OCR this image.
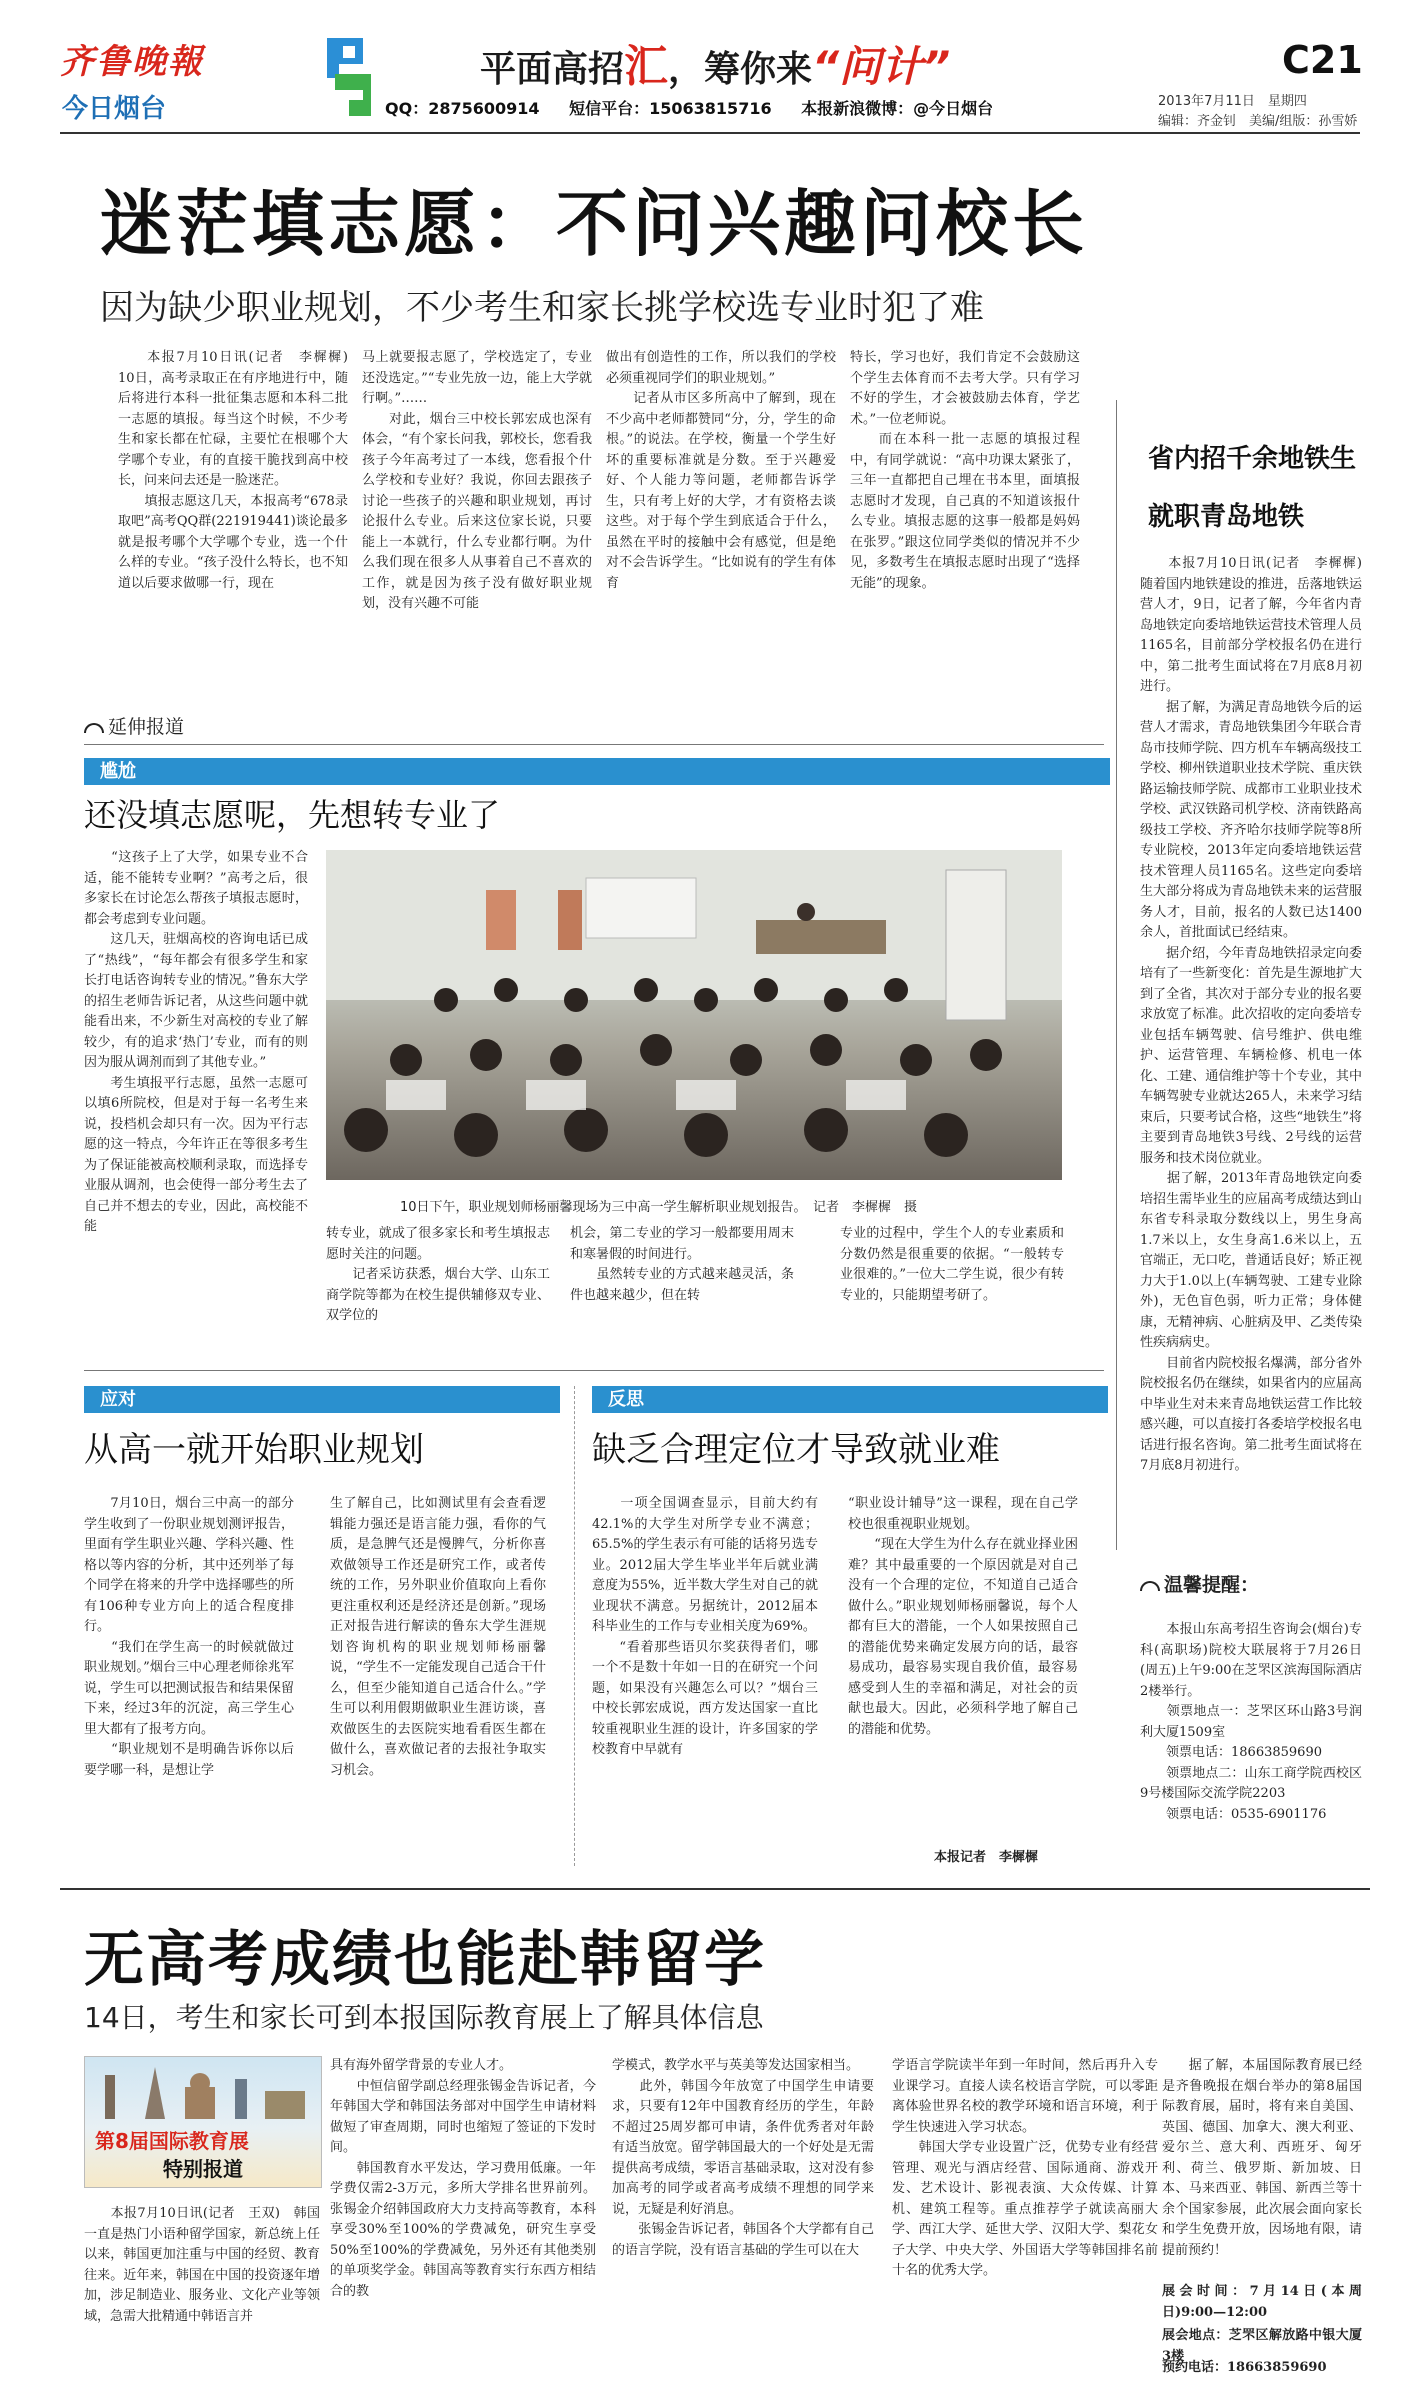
齐鲁晚報
今日烟台
平面高招汇，筹你来“问计”
QQ：2875600914 短信平台：15063815716 本报新浪微博：@今日烟台
C21
2013年7月11日　星期四
编辑：齐金钊　美编/组版：孙雪娇
迷茫填志愿：不问兴趣问校长
因为缺少职业规划，不少考生和家长挑学校选专业时犯了难
　　本报7月10日讯(记者　李樨樨)　10日，高考录取正在有序地进行中，随后将进行本科一批征集志愿和本科二批一志愿的填报。每当这个时候，不少考生和家长都在忙碌，主要忙在根哪个大学哪个专业，有的直接干脆找到高中校长，问来问去还是一脸迷茫。
　　填报志愿这几天，本报高考“678录取吧”高考QQ群(221919441)谈论最多就是报考哪个大学哪个专业，选一个什么样的专业。“孩子没什么特长，也不知道以后要求做哪一行，现在
马上就要报志愿了，学校选定了，专业还没选定。”“专业先放一边，能上大学就行啊。”……
　　对此，烟台三中校长郭宏成也深有体会，“有个家长问我，郭校长，您看我孩子今年高考过了一本线，您看报个什么学校和专业好？我说，你回去跟孩子讨论一些孩子的兴趣和职业规划，再讨论报什么专业。后来这位家长说，只要能上一本就行，什么专业都行啊。为什么我们现在很多人从事着自己不喜欢的工作，就是因为孩子没有做好职业规划，没有兴趣不可能
做出有创造性的工作，所以我们的学校必须重视同学们的职业规划。”
　　记者从市区多所高中了解到，现在不少高中老师都赞同“分，分，学生的命根。”的说法。在学校，衡量一个学生好坏的重要标准就是分数。至于兴趣爱好、个人能力等问题，老师都告诉学生，只有考上好的大学，才有资格去谈这些。对于每个学生到底适合于什么，虽然在平时的接触中会有感觉，但是绝对不会告诉学生。“比如说有的学生有体育
特长，学习也好，我们肯定不会鼓励这个学生去体育而不去考大学。只有学习不好的学生，才会被鼓励去体育，学艺术。”一位老师说。
　　而在本科一批一志愿的填报过程中，有同学就说：“高中功课太紧张了，三年一直都把自己埋在书本里，面填报志愿时才发现，自己真的不知道该报什么专业。填报志愿的这事一般都是妈妈在张罗。”跟这位同学类似的情况并不少见，多数考生在填报志愿时出现了“选择无能”的现象。
延伸报道
尴尬
还没填志愿呢，先想转专业了
　　“这孩子上了大学，如果专业不合适，能不能转专业啊？”高考之后，很多家长在讨论怎么帮孩子填报志愿时，都会考虑到专业问题。
　　这几天，驻烟高校的咨询电话已成了“热线”，“每年都会有很多学生和家长打电话咨询转专业的情况。”鲁东大学的招生老师告诉记者，从这些问题中就能看出来，不少新生对高校的专业了解较少，有的追求‘热门’专业，而有的则因为服从调剂而到了其他专业。”
　　考生填报平行志愿，虽然一志愿可以填6所院校，但是对于每一名考生来说，投档机会却只有一次。因为平行志愿的这一特点，今年许正在等很多考生为了保证能被高校顺利录取，而选择专业服从调剂，也会使得一部分考生去了自己并不想去的专业，因此，高校能不能
10日下午，职业规划师杨丽馨现场为三中高一学生解析职业规划报告。　记者　李樨樨　摄
转专业，就成了很多家长和考生填报志愿时关注的问题。
　　记者采访获悉，烟台大学、山东工商学院等都为在校生提供辅修双专业、双学位的
机会，第二专业的学习一般都要用周末和寒暑假的时间进行。
　　虽然转专业的方式越来越灵活，条件也越来越少，但在转
专业的过程中，学生个人的专业素质和分数仍然是很重要的依据。“一般转专业很难的。”一位大二学生说，很少有转专业的，只能期望考研了。
应对
从高一就开始职业规划
　　7月10日，烟台三中高一的部分学生收到了一份职业规划测评报告，里面有学生职业兴趣、学科兴趣、性格以等内容的分析，其中还列举了每个同学在将来的升学中选择哪些的所有106种专业方向上的适合程度排行。
　　“我们在学生高一的时候就做过职业规划。”烟台三中心理老师徐兆军说，学生可以把测试报告和结果保留下来，经过3年的沉淀，高三学生心里大都有了报考方向。
　　“职业规划不是明确告诉你以后要学哪一科，是想让学
生了解自己，比如测试里有会查看逻辑能力强还是语言能力强，看你的气质，是急脾气还是慢脾气，分析你喜欢做领导工作还是研究工作，或者传统的工作，另外职业价值取向上看你更注重权利还是经济还是创新。”现场正对报告进行解读的鲁东大学生涯规划咨询机构的职业规划师杨丽馨说，“学生不一定能发现自己适合干什么，但至少能知道自己适合什么。”学生可以利用假期做职业生涯访谈，喜欢做医生的去医院实地看看医生都在做什么，喜欢做记者的去报社争取实习机会。
反思
缺乏合理定位才导致就业难
　　一项全国调查显示，目前大约有42.1%的大学生对所学专业不满意；65.5%的学生表示有可能的话将另选专业。2012届大学生毕业半年后就业满意度为55%，近半数大学生对自己的就业现状不满意。另据统计，2012届本科毕业生的工作与专业相关度为69%。
　　“看着那些语贝尔奖获得者们，哪一个不是数十年如一日的在研究一个问题，如果没有兴趣怎么可以？”烟台三中校长郭宏成说，西方发达国家一直比较重视职业生涯的设计，许多国家的学校教育中早就有
“职业设计辅导”这一课程，现在自己学校也很重视职业规划。
　　“现在大学生为什么存在就业择业困难？其中最重要的一个原因就是对自己没有一个合理的定位，不知道自己适合做什么。”职业规划师杨丽馨说，每个人都有巨大的潜能，一个人如果按照自己的潜能优势来确定发展方向的话，最容易成功，最容易实现自我价值，最容易感受到人生的幸福和满足，对社会的贡献也最大。因此，必须科学地了解自己的潜能和优势。
本报记者　李樨樨
省内招千余地铁生
就职青岛地铁
　　本报7月10日讯(记者　李樨樨)　随着国内地铁建设的推进，岳落地铁运营人才，9日，记者了解，今年省内青岛地铁定向委培地铁运营技术管理人员1165名，目前部分学校报名仍在进行中，第二批考生面试将在7月底8月初进行。
　　据了解，为满足青岛地铁今后的运营人才需求，青岛地铁集团今年联合青岛市技师学院、四方机车车辆高级技工学校、柳州铁道职业技术学院、重庆铁路运输技师学院、成都市工业职业技术学校、武汉铁路司机学校、济南铁路高级技工学校、齐齐哈尔技师学院等8所专业院校，2013年定向委培地铁运营技术管理人员1165名。这些定向委培生大部分将成为青岛地铁未来的运营服务人才，目前，报名的人数已达1400余人，首批面试已经结束。
　　据介绍，今年青岛地铁招录定向委培有了一些新变化：首先是生源地扩大到了全省，其次对于部分专业的报名要求放宽了标准。此次招收的定向委培专业包括车辆驾驶、信号维护、供电维护、运营管理、车辆检修、机电一体化、工建、通信维护等十个专业，其中车辆驾驶专业就达265人，未来学习结束后，只要考试合格，这些“地铁生”将主要到青岛地铁3号线、2号线的运营服务和技术岗位就业。
　　据了解，2013年青岛地铁定向委培招生需毕业生的应届高考成绩达到山东省专科录取分数线以上，男生身高1.7米以上，女生身高1.6米以上，五官端正，无口吃，普通话良好；矫正视力大于1.0以上(车辆驾驶、工建专业除外)，无色盲色弱，听力正常；身体健康，无精神病、心脏病及甲、乙类传染性疾病病史。
　　目前省内院校报名爆满，部分省外院校报名仍在继续，如果省内的应届高中毕业生对未来青岛地铁运营工作比较感兴趣，可以直接打各委培学校报名电话进行报名咨询。第二批考生面试将在7月底8月初进行。
温馨提醒：
　　本报山东高考招生咨询会(烟台)专科(高职场)院校大联展将于7月26日(周五)上午9:00在芝罘区滨海国际酒店2楼举行。
　　领票地点一：芝罘区环山路3号润利大厦1509室
　　领票电话：18663859690
　　领票地点二：山东工商学院西校区9号楼国际交流学院2203
　　领票电话：0535-6901176
无高考成绩也能赴韩留学
14日，考生和家长可到本报国际教育展上了解具体信息
第8届国际教育展
特别报道
　　本报7月10日讯(记者　王双)　韩国一直是热门小语种留学国家，新总统上任以来，韩国更加注重与中国的经贸、教育往来。近年来，韩国在中国的投资逐年增加，涉足制造业、服务业、文化产业等领域，急需大批精通中韩语言并
具有海外留学背景的专业人才。
　　中恒信留学副总经理张锡金告诉记者，今年韩国大学和韩国法务部对中国学生申请材料做短了审查周期，同时也缩短了签证的下发时间。
　　韩国教育水平发达，学习费用低廉。一年学费仅需2-3万元，多所大学排名世界前列。张锡金介绍韩国政府大力支持高等教育，本科享受30%至100%的学费减免，研究生享受50%至100%的学费减免，另外还有其他类别的单项奖学金。韩国高等教育实行东西方相结合的教
学模式，教学水平与英美等发达国家相当。
　　此外，韩国今年放宽了中国学生申请要求，只要有12年中国教育经历的学生，年龄不超过25周岁都可申请，条件优秀者对年龄有适当放宽。留学韩国最大的一个好处是无需提供高考成绩，零语言基础录取，这对没有参加高考的同学或者高考成绩不理想的同学来说，无疑是利好消息。
　　张锡金告诉记者，韩国各个大学都有自己的语言学院，没有语言基础的学生可以在大
学语言学院读半年到一年时间，然后再升入专业课学习。直接人读名校语言学院，可以零距离体验世界名校的教学环境和语言环境，利于学生快速进入学习状态。
　　韩国大学专业设置广泛，优势专业有经营管理、观光与酒店经营、国际通商、游戏开发、艺术设计、影视表演、大众传媒、计算机、建筑工程等。重点推荐学子就读高丽大学、西江大学、延世大学、汉阳大学、梨花女子大学、中央大学、外国语大学等韩国排名前十名的优秀大学。
　　据了解，本届国际教育展已经是齐鲁晚报在烟台举办的第8届国际教育展，届时，将有来自美国、英国、德国、加拿大、澳大利亚、爱尔兰、意大利、西班牙、匈牙利、荷兰、俄罗斯、新加坡、日本、马来西亚、韩国、新西兰等十余个国家参展，此次展会面向家长和学生免费开放，因场地有限，请提前预约！
展会时间：7月14日(本周日)9:00—12:00
展会地点：芝罘区解放路中银大厦3楼
预约电话：18663859690
